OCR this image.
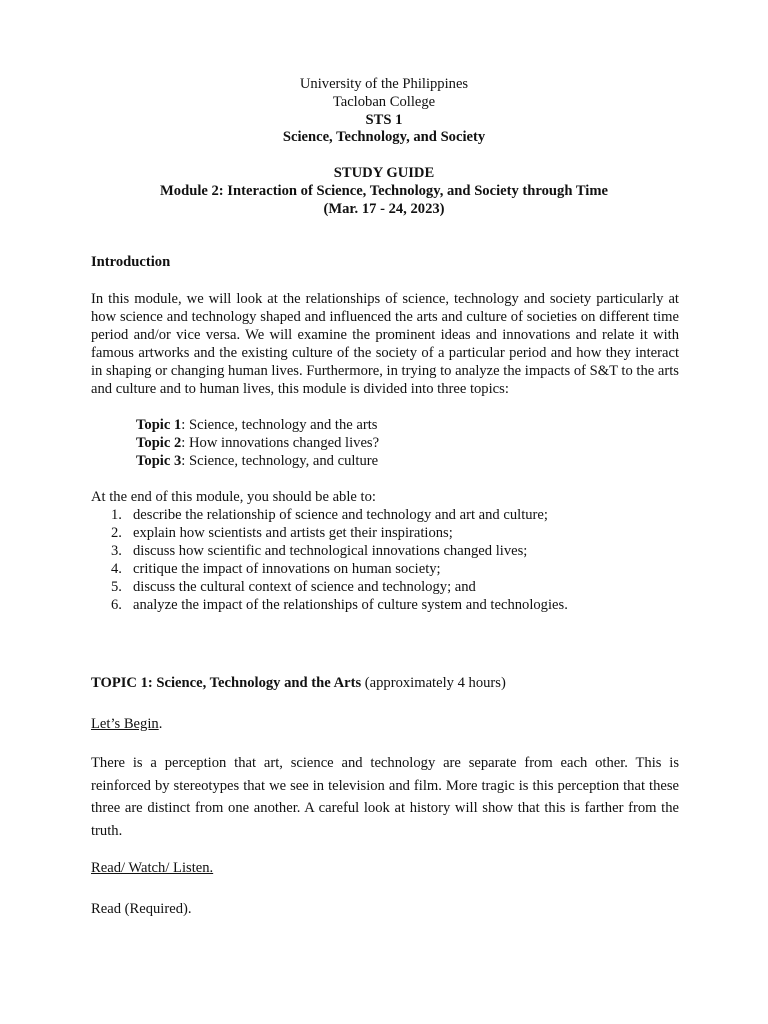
University of the Philippines
Tacloban College
STS 1
Science, Technology, and Society
STUDY GUIDE
Module 2: Interaction of Science, Technology, and Society through Time
(Mar. 17 - 24, 2023)
Introduction
In this module, we will look at the relationships of science, technology and society particularly at how science and technology shaped and influenced the arts and culture of societies on different time period and/or vice versa. We will examine the prominent ideas and innovations and relate it with famous artworks and the existing culture of the society of a particular period and how they interact in shaping or changing human lives. Furthermore, in trying to analyze the impacts of S&T to the arts and culture and to human lives, this module is divided into three topics:
Topic 1: Science, technology and the arts
Topic 2: How innovations changed lives?
Topic 3: Science, technology, and culture
At the end of this module, you should be able to:
1. describe the relationship of science and technology and art and culture;
2. explain how scientists and artists get their inspirations;
3. discuss how scientific and technological innovations changed lives;
4. critique the impact of innovations on human society;
5. discuss the cultural context of science and technology; and
6. analyze the impact of the relationships of culture system and technologies.
TOPIC 1: Science, Technology and the Arts (approximately 4 hours)
Let’s Begin.
There is a perception that art, science and technology are separate from each other. This is reinforced by stereotypes that we see in television and film. More tragic is this perception that these three are distinct from one another. A careful look at history will show that this is farther from the truth.
Read/ Watch/ Listen.
Read (Required).
